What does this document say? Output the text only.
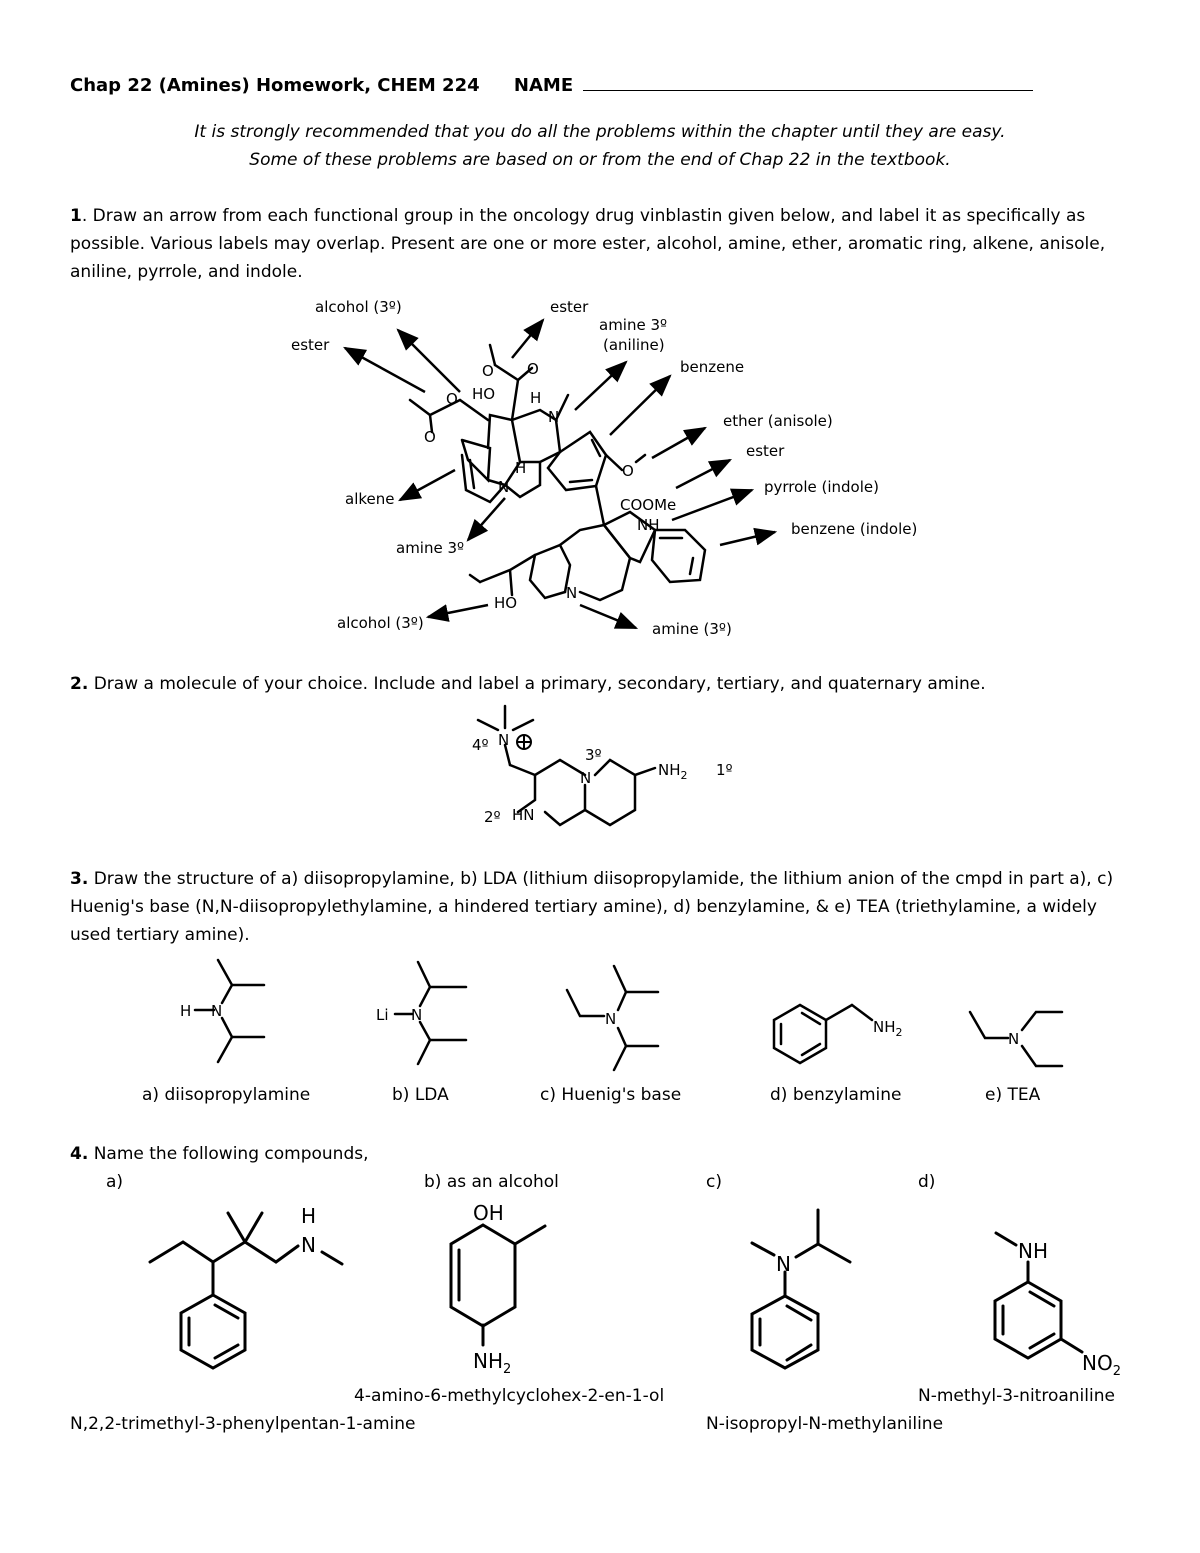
Chap 22 (Amines) Homework, CHEM 224 NAME
It is strongly recommended that you do all the problems within the chapter until they are easy.
Some of these problems are based on or from the end of Chap 22 in the textbook.
1. Draw an arrow from each functional group in the oncology drug vinblastin given below, and label it as specifically as possible. Various labels may overlap. Present are one or more ester, alcohol, amine, ether, aromatic ring, alkene, anisole, aniline, pyrrole, and indole.
2. Draw a molecule of your choice. Include and label a primary, secondary, tertiary, and quaternary amine.
3. Draw the structure of a) diisopropylamine, b) LDA (lithium diisopropylamide, the lithium anion of the cmpd in part a), c) Huenig's base (N,N-diisopropylethylamine, a hindered tertiary amine), d) benzylamine, & e) TEA (triethylamine, a widely used tertiary amine).
4. Name the following compounds,
HO H
N
O
COOMe
NH
N
H
HO
N
O
O
O O
alcohol (3º)
ester
ester
amine 3º
(aniline)
benzene
ether (anisole)
ester
pyrrole (indole)
benzene (indole)
alkene
amine 3º
alcohol (3º)	amine (3º)
N
N
HN
$NH_2$
4º
3º
2º
1º
H N	Li N	N	$NH_2$	N
H
N
OH
$NH_2$
N
NH
$NO_2$
a) diisopropylamine	b) LDA	c) Huenig's base	d) benzylamine	e) TEA
a)	b) as an alcohol	c)	d)
4-amino-6-methylcyclohex-2-en-1-ol	N-methyl-3-nitroaniline
N,2,2-trimethyl-3-phenylpentan-1-amine	N-isopropyl-N-methylaniline
